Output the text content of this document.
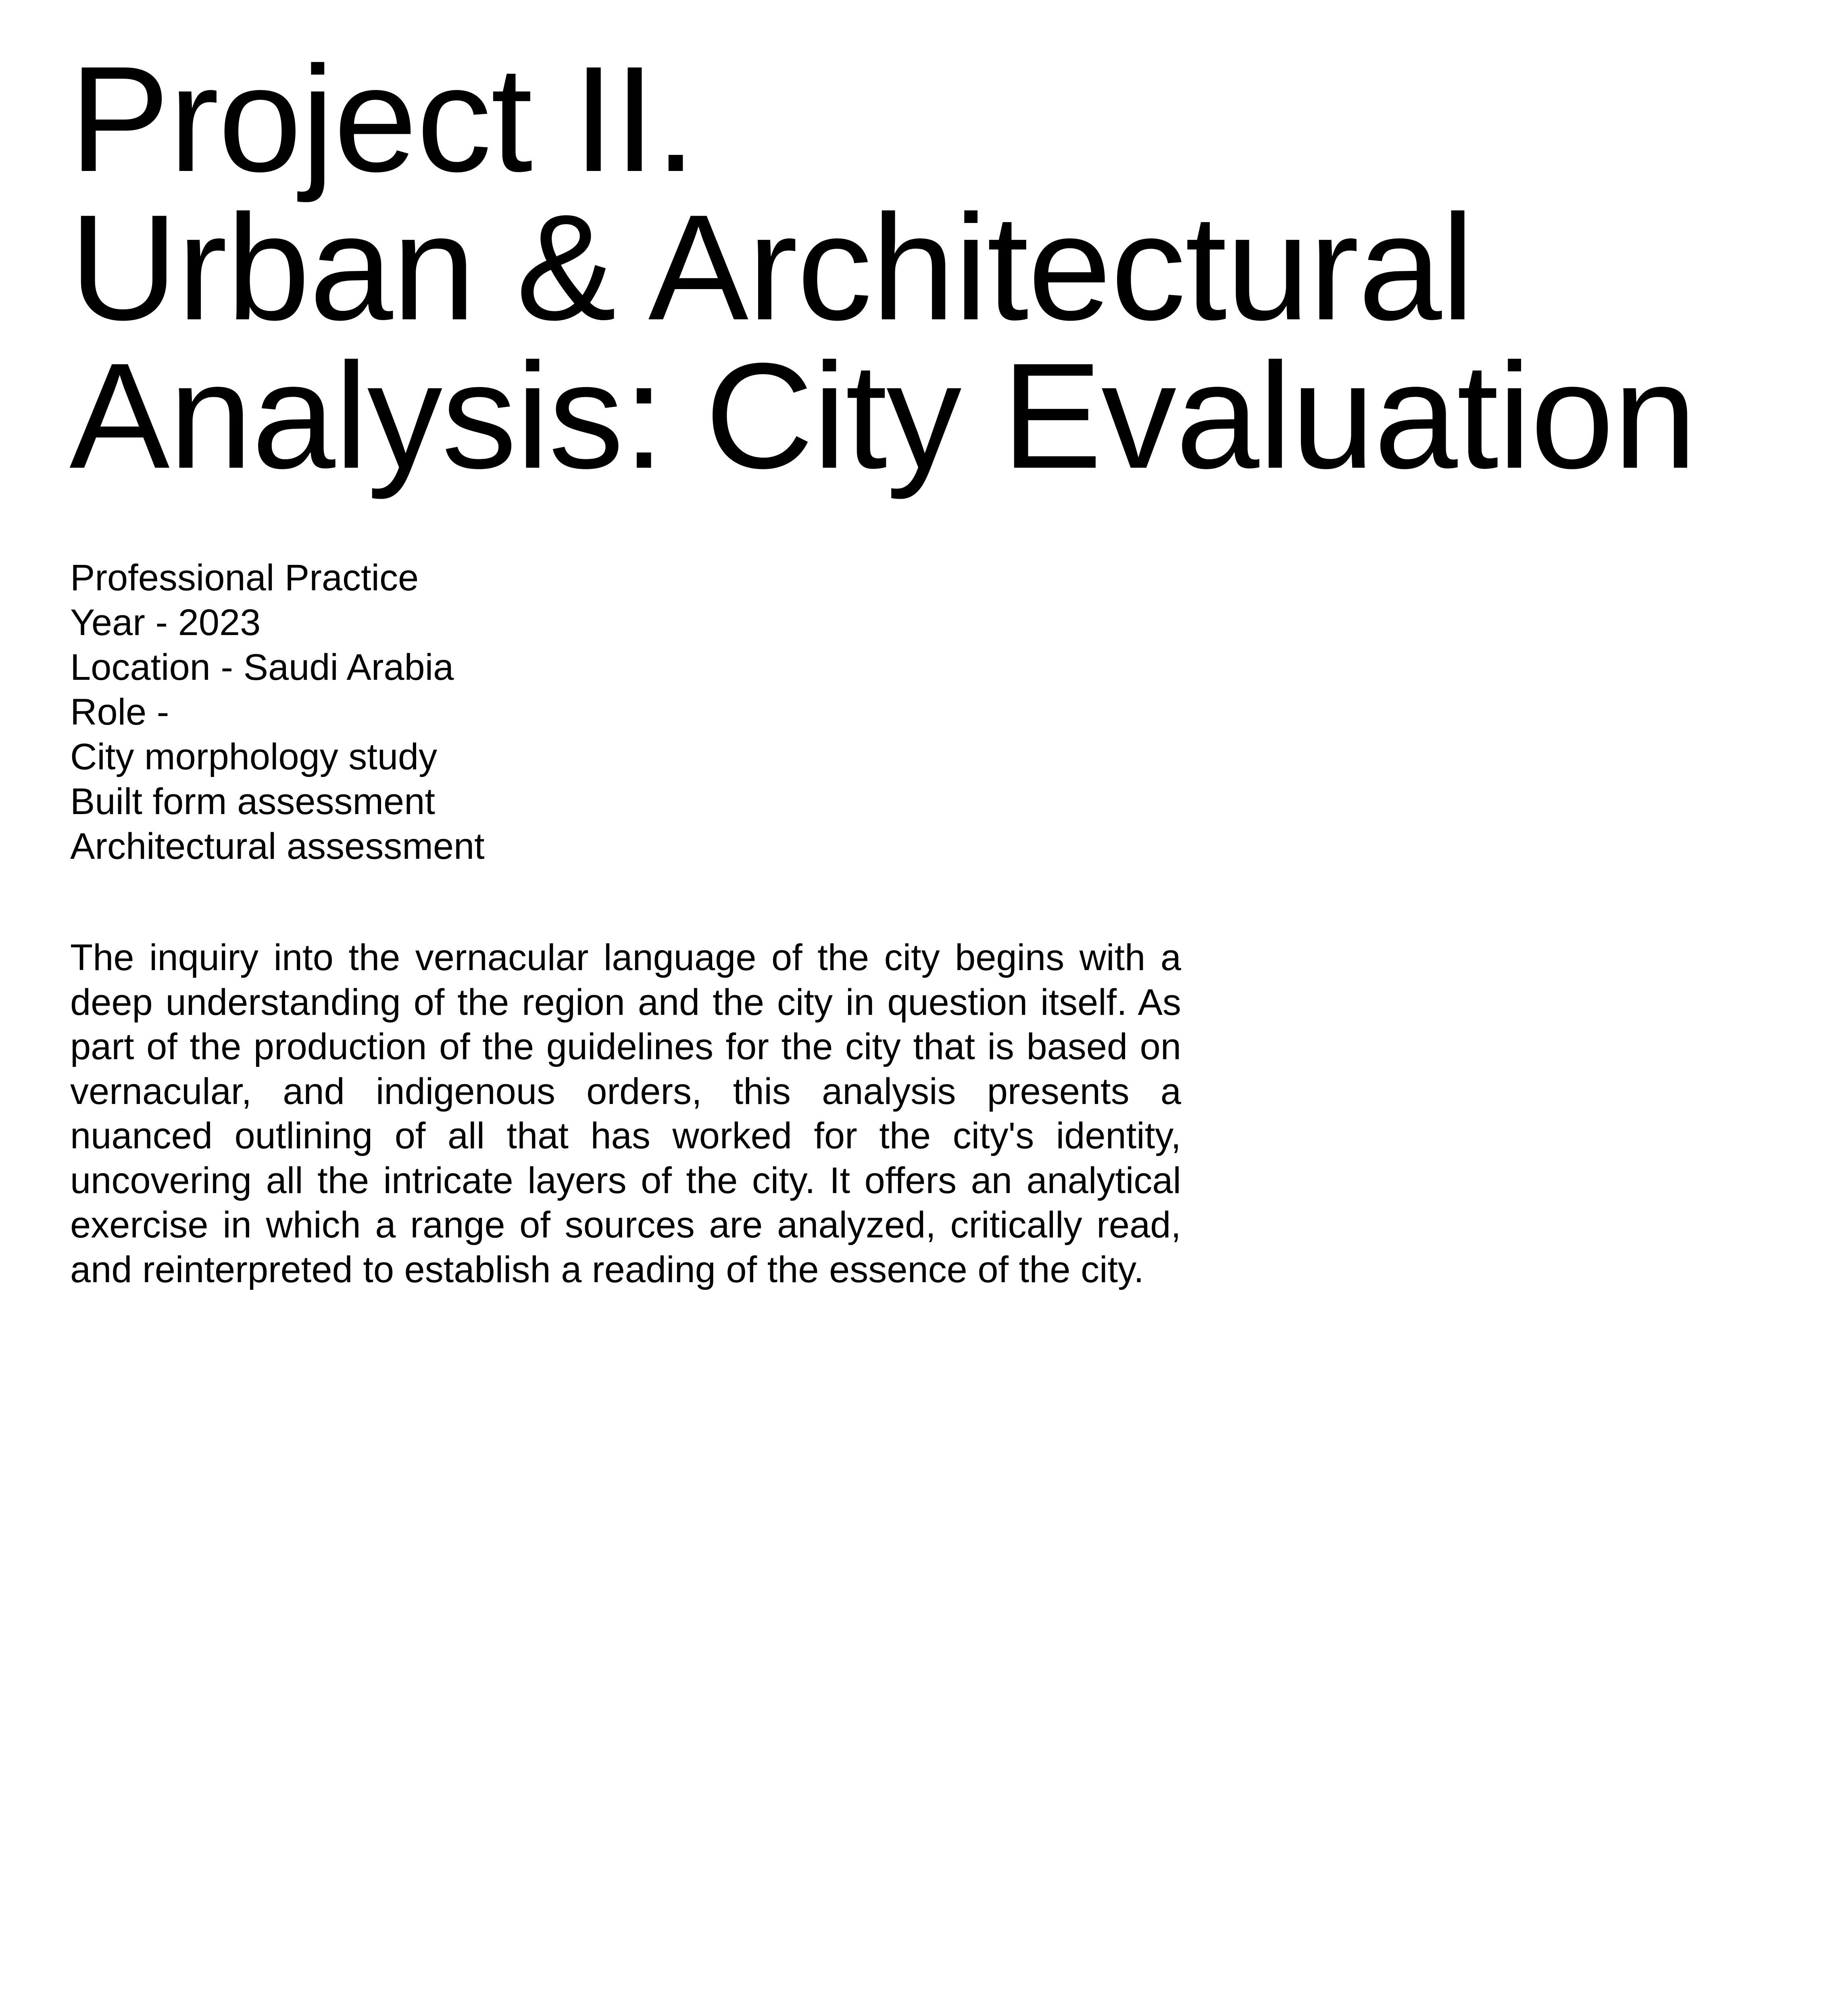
Project II.
Urban & Architectural
Analysis: City Evaluation
Professional Practice
Year - 2023
Location - Saudi Arabia
Role -
City morphology study
Built form assessment
Architectural assessment

The inquiry into the vernacular language of the city begins with a deep understanding of the region and the city in question itself. As part of the production of the guidelines for the city that is based on vernacular, and indigenous orders, this analysis presents a nuanced outlining of all that has worked for the city's identity, uncovering all the intricate layers of the city. It offers an analytical exercise in which a range of sources are analyzed, critically read, and reinterpreted to establish a reading of the essence of the city.
